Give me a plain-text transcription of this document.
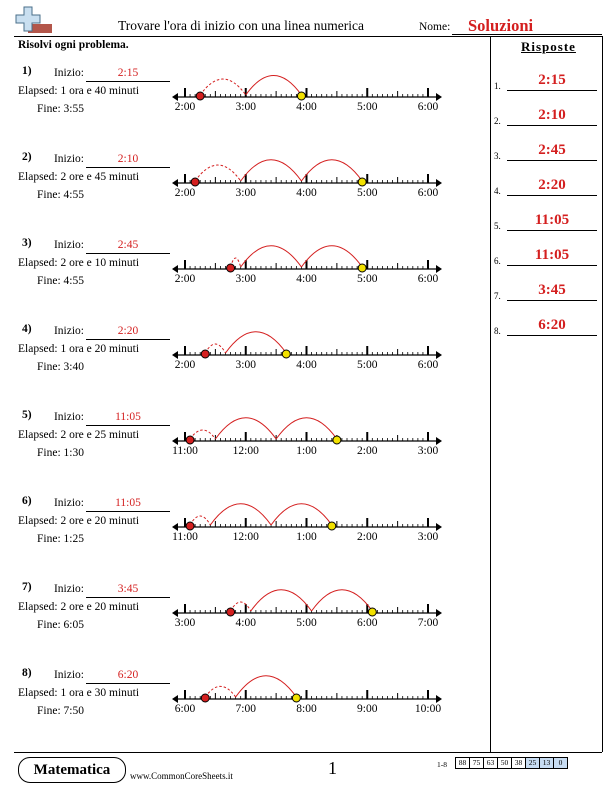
Trovare l'ora di inizio con una linea numerica	Nome: Soluzioni
Risolvi ogni problema.	Risposte
1)	Inizio:	2:15
Elapsed: 1 ora e 40 minuti
Fine: 3:55	2:00	3:00	4:00	5:00	6:00
2)	Inizio:	2:10
Elapsed: 2 ore e 45 minuti
Fine: 4:55	2:00	3:00	4:00	5:00	6:00
3)	Inizio:	2:45
Elapsed: 2 ore e 10 minuti
Fine: 4:55	2:00	3:00	4:00	5:00	6:00
4)	Inizio:	2:20
Elapsed: 1 ora e 20 minuti
Fine: 3:40	2:00	3:00	4:00	5:00	6:00
5)	Inizio:	11:05
Elapsed: 2 ore e 25 minuti
Fine: 1:30	11:00	12:00	1:00	2:00	3:00
6)	Inizio:	11:05
Elapsed: 2 ore e 20 minuti
Fine: 1:25	11:00	12:00	1:00	2:00	3:00
7)	Inizio:	3:45
Elapsed: 2 ore e 20 minuti
Fine: 6:05	3:00	4:00	5:00	6:00	7:00
8)	Inizio:	6:20
Elapsed: 1 ora e 30 minuti
Fine: 7:50	6:00	7:00	8:00	9:00	10:00
1.	2:15
2.	2:10
3.	2:45
4.	2:20
5.	11:05
6.	11:05
7.	3:45
8.	6:20
Matematica	www.CommonCoreSheets.it	1	1-8	88 75 63 50 38 25 13	0
